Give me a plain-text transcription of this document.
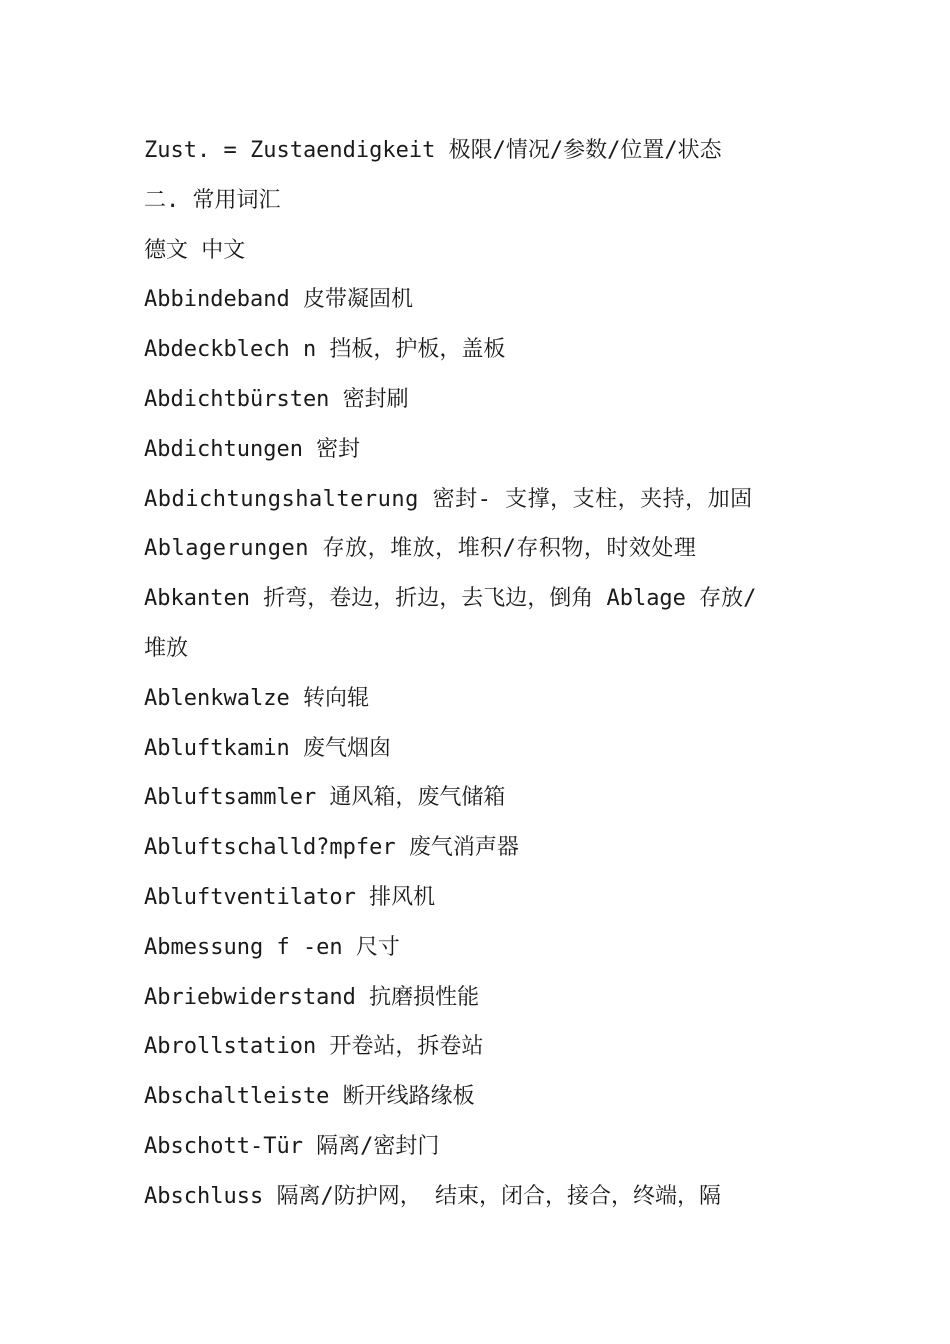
Zust. = Zustaendigkeit 极限/情况/参数/位置/状态
二. 常用词汇
德文 中文
Abbindeband 皮带凝固机
Abdeckblech n 挡板，护板，盖板
Abdichtbürsten 密封刷
Abdichtungen 密封
Abdichtungshalterung 密封- 支撑，支柱，夹持，加固
Ablagerungen 存放，堆放，堆积/存积物，时效处理
Abkanten 折弯，卷边，折边，去飞边，倒角 Ablage 存放/
堆放
Ablenkwalze 转向辊
Abluftkamin 废气烟囱
Abluftsammler 通风箱，废气储箱
Abluftschalld?mpfer 废气消声器
Abluftventilator 排风机
Abmessung f -en 尺寸
Abriebwiderstand 抗磨损性能
Abrollstation 开卷站，拆卷站
Abschaltleiste 断开线路缘板
Abschott-Tür 隔离/密封门
Abschluss 隔离/防护网， 结束，闭合，接合，终端，隔
